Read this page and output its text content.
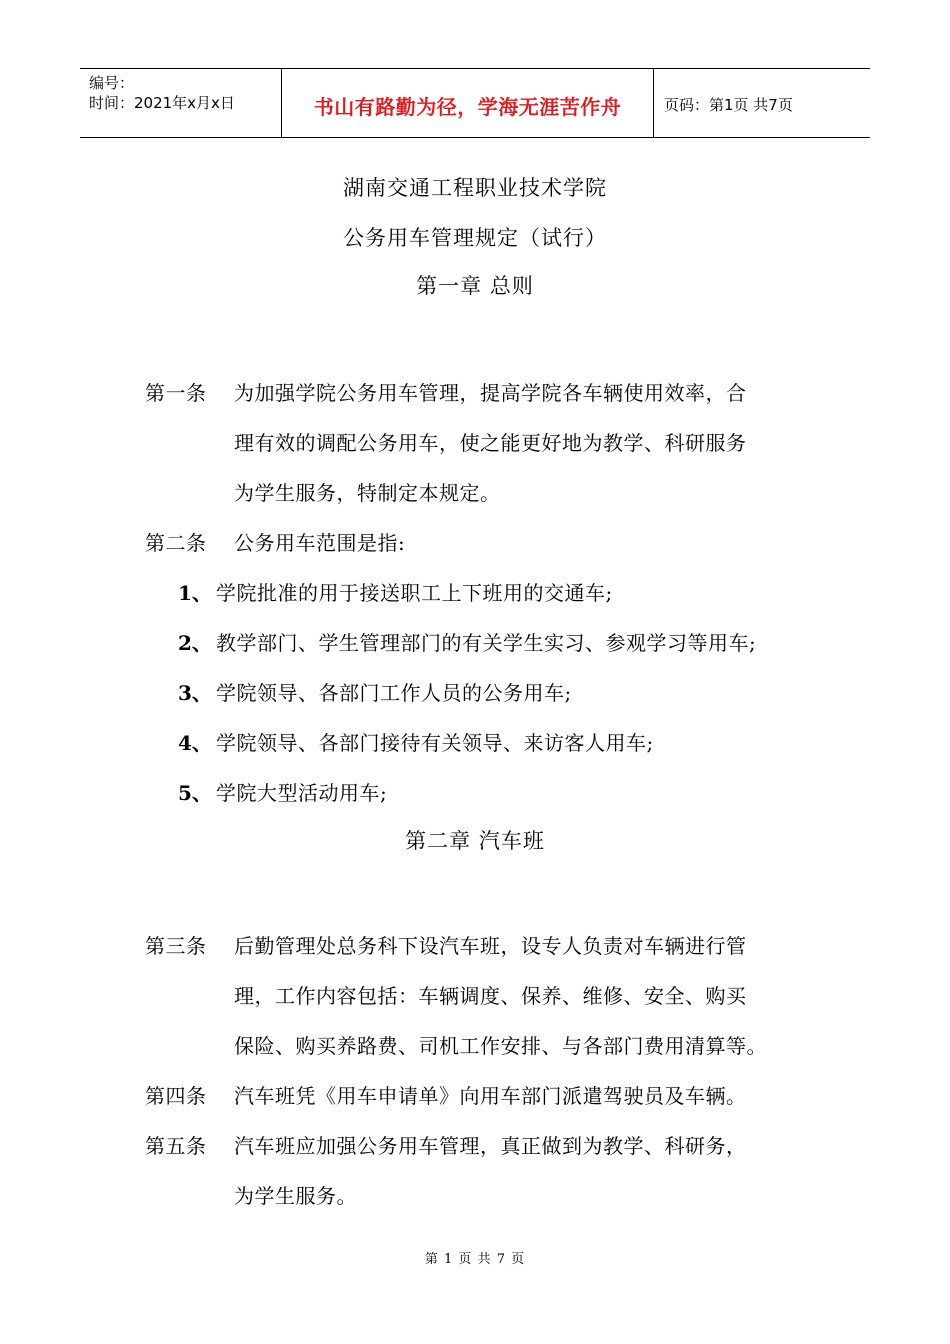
编号：
时间：2021年x月x日	书山有路勤为径，学海无涯苦作舟	页码：第1页 共7页
湖南交通工程职业技术学院
公务用车管理规定（试行）
第一章 总则
第一条 为加强学院公务用车管理，提高学院各车辆使用效率，合
理有效的调配公务用车，使之能更好地为教学、科研服务
为学生服务，特制定本规定。
第二条 公务用车范围是指:
1、 学院批准的用于接送职工上下班用的交通车;
2、 教学部门、学生管理部门的有关学生实习、参观学习等用车;
3、 学院领导、各部门工作人员的公务用车;
4、 学院领导、各部门接待有关领导、来访客人用车;
5、 学院大型活动用车;
第二章 汽车班
第三条 后勤管理处总务科下设汽车班，设专人负责对车辆进行管
理，工作内容包括：车辆调度、保养、维修、安全、购买
保险、购买养路费、司机工作安排、与各部门费用清算等。
第四条 汽车班凭《用车申请单》向用车部门派遣驾驶员及车辆。
第五条 汽车班应加强公务用车管理，真正做到为教学、科研务，
为学生服务。
第 1 页 共 7 页
